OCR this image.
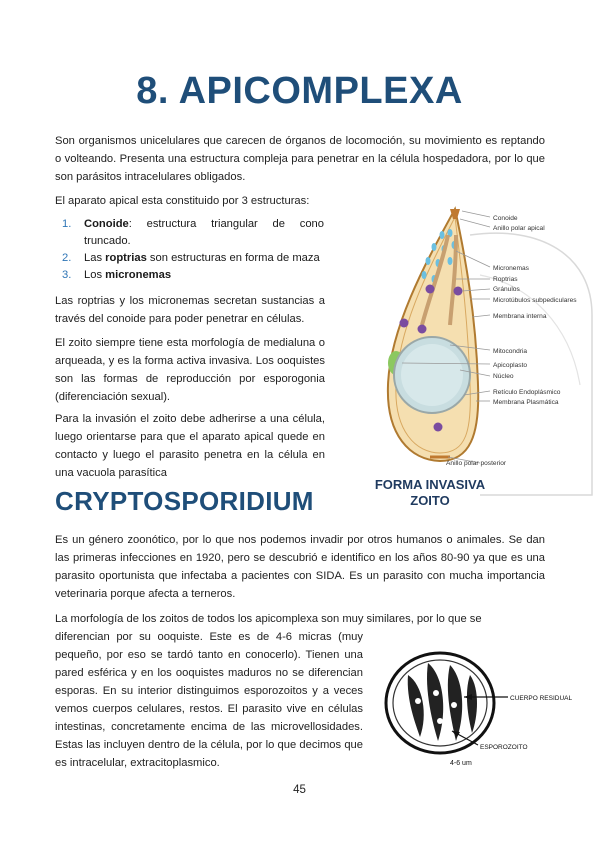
8. APICOMPLEXA

Son organismos unicelulares que carecen de órganos de locomoción, su movimiento es reptando o volteando. Presenta una estructura compleja para penetrar en la célula hospedadora, por lo que son parásitos intracelulares obligados.

El aparato apical esta constituido por 3 estructuras:

1.	Conoide: estructura triangular de cono truncado.
2.	Las roptrias son estructuras en forma de maza
3.	Los micronemas

Las roptrias y los micronemas secretan sustancias a través del conoide para poder penetrar en células.

El zoito siempre tiene esta morfología de medialuna o arqueada, y es la forma activa invasiva. Los ooquistes son las formas de reproducción por esporogonia (diferenciación sexual).

Para la invasión el zoito debe adherirse a una célula, luego orientarse para que el aparato apical quede en contacto y luego el parasito penetra en la célula en una vacuola parasítica

Conoide
Anillo polar apical
Micronemas
Roptrias
Gránulos
Microtúbulos subpediculares
Membrana interna
Mitocondria
Apicoplasto
Núcleo
Retículo Endoplásmico
Membrana Plasmática
Anillo polar posterior
FORMA INVASIVA
ZOITO
CRYPTOSPORIDIUM

Es un género zoonótico, por lo que nos podemos invadir por otros humanos o animales. Se dan las primeras infecciones en 1920, pero se descubrió e identifico en los años 80-90 ya que es una parasito oportunista que infectaba a pacientes con SIDA. Es un parasito con mucha importancia veterinaria porque afecta a terneros.

La morfología de los zoitos de todos los apicomplexa son muy similares, por lo que se

diferencian por su ooquiste. Este es de 4-6 micras (muy pequeño, por eso se tardó tanto en conocerlo). Tienen una pared esférica y en los ooquistes maduros no se diferencian esporas. En su interior distinguimos esporozoitos y a veces vemos cuerpos celulares, restos. El parasito vive en células intestinas, concretamente encima de las microvellosidades. Estas las incluyen dentro de la célula, por lo que decimos que es intracelular, extracitoplasmico.

CUERPO RESIDUAL
ESPOROZOITO
4-6 um
45
